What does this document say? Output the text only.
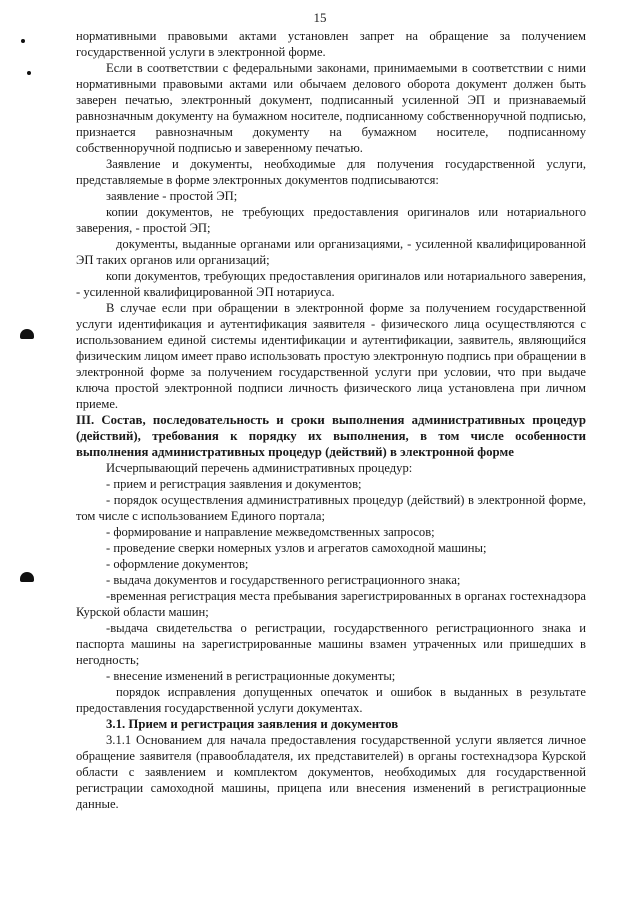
15

нормативными правовыми актами установлен запрет на обращение за получением государственной услуги в электронной форме.

Если в соответствии с федеральными законами, принимаемыми в соответствии с ними нормативными правовыми актами или обычаем делового оборота документ должен быть заверен печатью, электронный документ, подписанный усиленной ЭП и признаваемый равнозначным документу на бумажном носителе, подписанному собственноручной подписью, признается равнозначным документу на бумажном носителе, подписанному собственноручной подписью и заверенному печатью.

Заявление и документы, необходимые для получения государственной услуги, представляемые в форме электронных документов подписываются:

заявление - простой ЭП;

копии документов, не требующих предоставления оригиналов или нотариального заверения, - простой ЭП;

документы, выданные органами или организациями, - усиленной квалифицированной ЭП таких органов или организаций;

копи документов, требующих предоставления оригиналов или нотариального заверения, - усиленной квалифицированной ЭП нотариуса.

В случае если при обращении в электронной форме за получением государственной услуги идентификация и аутентификация заявителя - физического лица осуществляются с использованием единой системы идентификации и аутентификации, заявитель, являющийся физическим лицом имеет право использовать простую электронную подпись при обращении в электронной форме за получением государственной услуги при условии, что при выдаче ключа простой электронной подписи личность физического лица установлена при личном приеме.

III. Состав, последовательность и сроки выполнения административных процедур (действий), требования к порядку их выполнения, в том числе особенности выполнения административных процедур (действий) в электронной форме

Исчерпывающий перечень административных процедур:

- прием и регистрация заявления и документов;

- порядок осуществления административных процедур (действий) в электронной форме, том числе с использованием Единого портала;

- формирование и направление межведомственных запросов;

- проведение сверки номерных узлов и агрегатов самоходной машины;

- оформление документов;

- выдача документов и государственного регистрационного знака;

-временная регистрация места пребывания зарегистрированных в органах гостехнадзора Курской области машин;

-выдача свидетельства о регистрации, государственного регистрационного знака и паспорта машины на зарегистрированные машины взамен утраченных или пришедших в негодность;

- внесение изменений в регистрационные документы;

порядок исправления допущенных опечаток и ошибок в выданных в результате предоставления государственной услуги документах.

3.1. Прием и регистрация заявления и документов

3.1.1 Основанием для начала предоставления государственной услуги является личное обращение заявителя (правообладателя, их представителей) в органы гостехнадзора Курской области с заявлением и комплектом документов, необходимых для государственной регистрации самоходной машины, прицепа или внесения изменений в регистрационные данные.
